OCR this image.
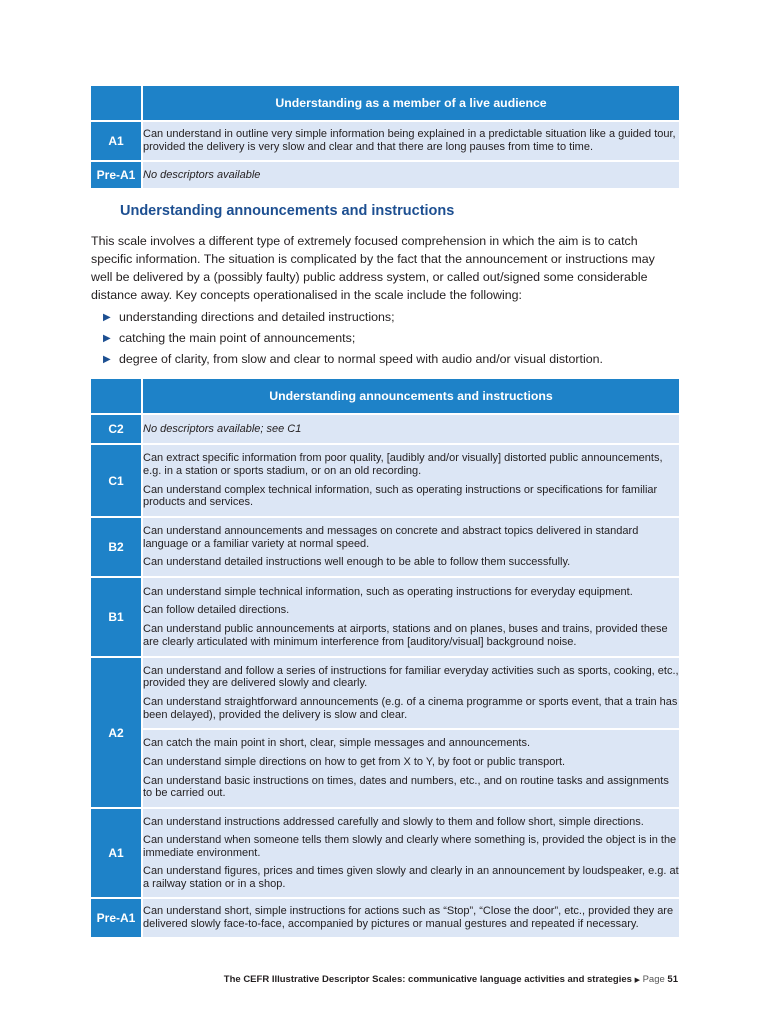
	Understanding as a member of a live audience
A1	Can understand in outline very simple information being explained in a predictable situation like a guided tour, provided the delivery is very slow and clear and that there are long pauses from time to time.

Pre-A1	No descriptors available

Understanding announcements and instructions

This scale involves a different type of extremely focused comprehension in which the aim is to catch specific information. The situation is complicated by the fact that the announcement or instructions may well be delivered by a (possibly faulty) public address system, or called out/signed some considerable distance away. Key concepts operationalised in the scale include the following:

▶ understanding directions and detailed instructions;
▶ catching the main point of announcements;
▶ degree of clarity, from slow and clear to normal speed with audio and/or visual distortion.
	Understanding announcements and instructions
C2	No descriptors available; see C1

C1	Can extract specific information from poor quality, [audibly and/or visually] distorted public announcements, e.g. in a station or sports stadium, or on an old recording.

Can understand complex technical information, such as operating instructions or specifications for familiar products and services.

B2	Can understand announcements and messages on concrete and abstract topics delivered in standard language or a familiar variety at normal speed.

Can understand detailed instructions well enough to be able to follow them successfully.

B1	Can understand simple technical information, such as operating instructions for everyday equipment.

Can follow detailed directions.

Can understand public announcements at airports, stations and on planes, buses and trains, provided these are clearly articulated with minimum interference from [auditory/visual] background noise.

A2	Can understand and follow a series of instructions for familiar everyday activities such as sports, cooking, etc., provided they are delivered slowly and clearly.

Can understand straightforward announcements (e.g. of a cinema programme or sports event, that a train has been delayed), provided the delivery is slow and clear.

	Can catch the main point in short, clear, simple messages and announcements.

Can understand simple directions on how to get from X to Y, by foot or public transport.

Can understand basic instructions on times, dates and numbers, etc., and on routine tasks and assignments to be carried out.

A1	Can understand instructions addressed carefully and slowly to them and follow short, simple directions.

Can understand when someone tells them slowly and clearly where something is, provided the object is in the immediate environment.

Can understand figures, prices and times given slowly and clearly in an announcement by loudspeaker, e.g. at a railway station or in a shop.

Pre-A1	Can understand short, simple instructions for actions such as “Stop”, “Close the door”, etc., provided they are delivered slowly face-to-face, accompanied by pictures or manual gestures and repeated if necessary.

The CEFR Illustrative Descriptor Scales: communicative language activities and strategies ▶ Page 51
